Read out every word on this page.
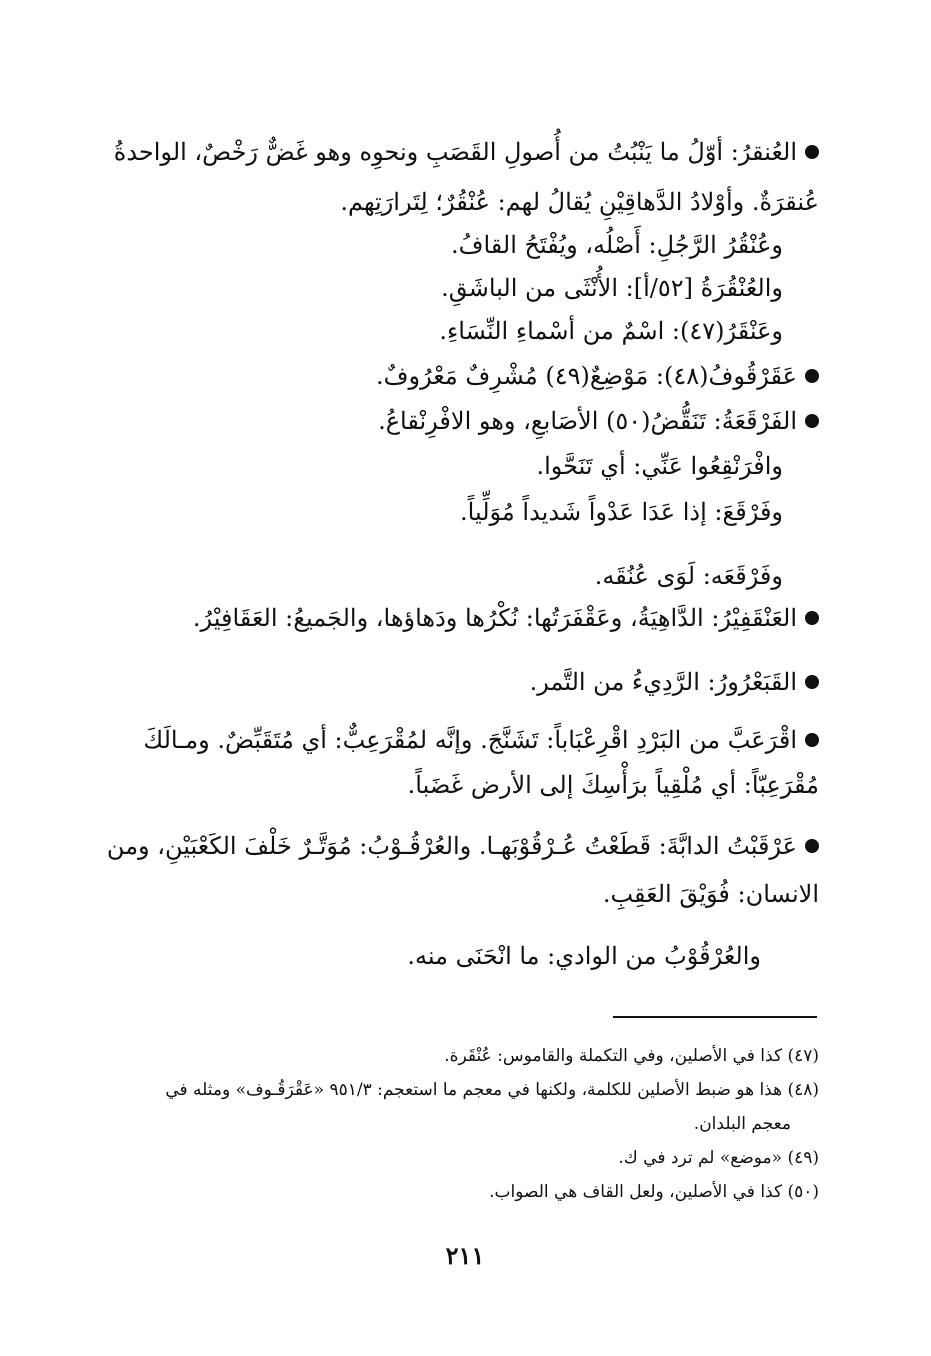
العُنقرُ: أوّلُ ما يَنْبُتُ من أُصولِ القَصَبِ ونحوِه وهو غَضٌّ رَخْصٌ، الواحدةُ
عُنقرَةٌ. وأوْلادُ الدَّهاقِيْنِ يُقالُ لهم: عُنْقُرٌ؛ لِتَرارَتِهم.
وعُنْقُرُ الرَّجُلِ: أَصْلُه، ويُفْتَحُ القافُ.
والعُنْقُرَةُ [٥٢/أ]: الأُنْثَى من الباشَقِ.
وعَنْقَرُ(٤٧): اسْمٌ من أسْماءِ النِّسَاءِ.
عَقَرْقُوفُ(٤٨): مَوْضِعٌ(٤٩) مُشْرِفٌ مَعْرُوفٌ.
الفَرْقَعَةُ: تَنَقُّضُ(٥٠) الأصَابعِ، وهو الافْرِنْقاعُ.
وافْرَنْقِعُوا عَنِّي: أي تَنَحَّوا.
وفَرْقَعَ: إذا عَدَا عَدْواً شَديداً مُوَلِّياً.
وفَرْقَعَه: لَوَى عُنُقَه.
العَنْقَفِيْرُ: الدَّاهِيَةُ، وعَقْفَرَتُها: نُكْرُها ودَهاؤها، والجَميعُ: العَقَافِيْرُ.
القَبَعْرُورُ: الرَّدِيءُ من التَّمر.
اقْرَعَبَّ من البَرْدِ اقْرِعْبَاباً: تَشَنَّجَ. وإنَّه لمُقْرَعِبٌّ: أي مُتَقَبِّضٌ. ومـالَكَ
مُقْرَعِبّاً: أي مُلْقِياً برَأْسِكَ إلى الأرض غَضَباً.
عَرْقَبْتُ الدابَّةَ: قَطَعْتُ عُـرْقُوْبَهـا. والعُرْقُـوْبُ: مُوَتَّـرٌ خَلْفَ الكَعْبَيْنِ، ومن
الانسان: فُوَيْقَ العَقِبِ.
والعُرْقُوْبُ من الوادي: ما انْحَنَى منه.
(٤٧) كذا في الأصلين، وفي التكملة والقاموس: عُنْقَرة.
(٤٨) هذا هو ضبط الأصلين للكلمة، ولكنها في معجم ما استعجم: ٩٥١/٣ «عَقْرَقُـوف» ومثله في
معجم البلدان.
(٤٩) «موضع» لم ترد في ك.
(٥٠) كذا في الأصلين، ولعل القاف هي الصواب.
٢١١
